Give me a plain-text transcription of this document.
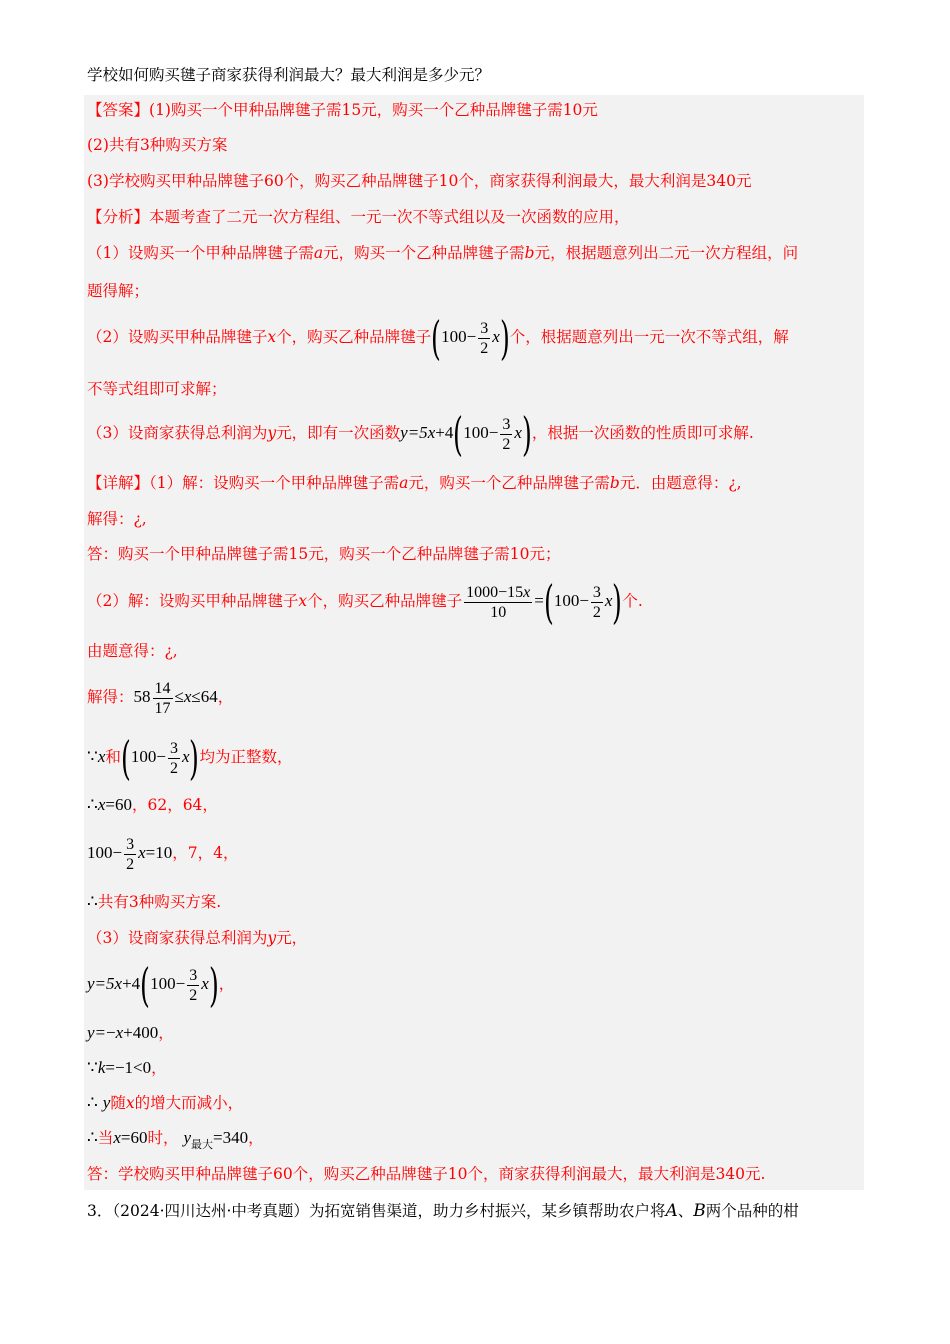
学校如何购买毽子商家获得利润最大？最大利润是多少元？
【答案】(1)购买一个甲种品牌毽子需15元，购买一个乙种品牌毽子需10元
(2)共有3种购买方案
(3)学校购买甲种品牌毽子60个，购买乙种品牌毽子10个，商家获得利润最大，最大利润是340元
【分析】本题考查了二元一次方程组、一元一次不等式组以及一次函数的应用，
（1）设购买一个甲种品牌毽子需a元，购买一个乙种品牌毽子需b元，根据题意列出二元一次方程组，问
题得解；
（2）设购买甲种品牌毽子x个，购买乙种品牌毽子$(100- \frac{3}{2} x)$个，根据题意列出一元一次不等式组，解
不等式组即可求解；
（3）设商家获得总利润为y元，即有一次函数$y=5x+4(100- \frac{3}{2} x)$，根据一次函数的性质即可求解.
【详解】（1）解：设购买一个甲种品牌毽子需a元，购买一个乙种品牌毽子需b元．由题意得：¿,
解得：¿,
答：购买一个甲种品牌毽子需15元，购买一个乙种品牌毽子需10元；
（2）解：设购买甲种品牌毽子x个，购买乙种品牌毽子 $\frac{1000-15x}{10} =(100- \frac{3}{2} x)$个.
由题意得：¿,
解得：$58 \frac{14}{17} \le x\le 64$，
∵x和$(100- \frac{3}{2} x)$均为正整数，
∴x=60，62，64，
$100- \frac{3}{2} x=10$，7，4，
∴共有3种购买方案.
（3）设商家获得总利润为y元，
$y=5x+4(100- \frac{3}{2} x)$，
y=−x+400，
∵k=−1<0，
∴ y随x的增大而减小，
∴当x=60时， $y_{最大}=340$，
答：学校购买甲种品牌毽子60个，购买乙种品牌毽子10个，商家获得利润最大，最大利润是340元.
3．（2024·四川达州·中考真题）为拓宽销售渠道，助力乡村振兴，某乡镇帮助农户将A、B两个品种的柑
